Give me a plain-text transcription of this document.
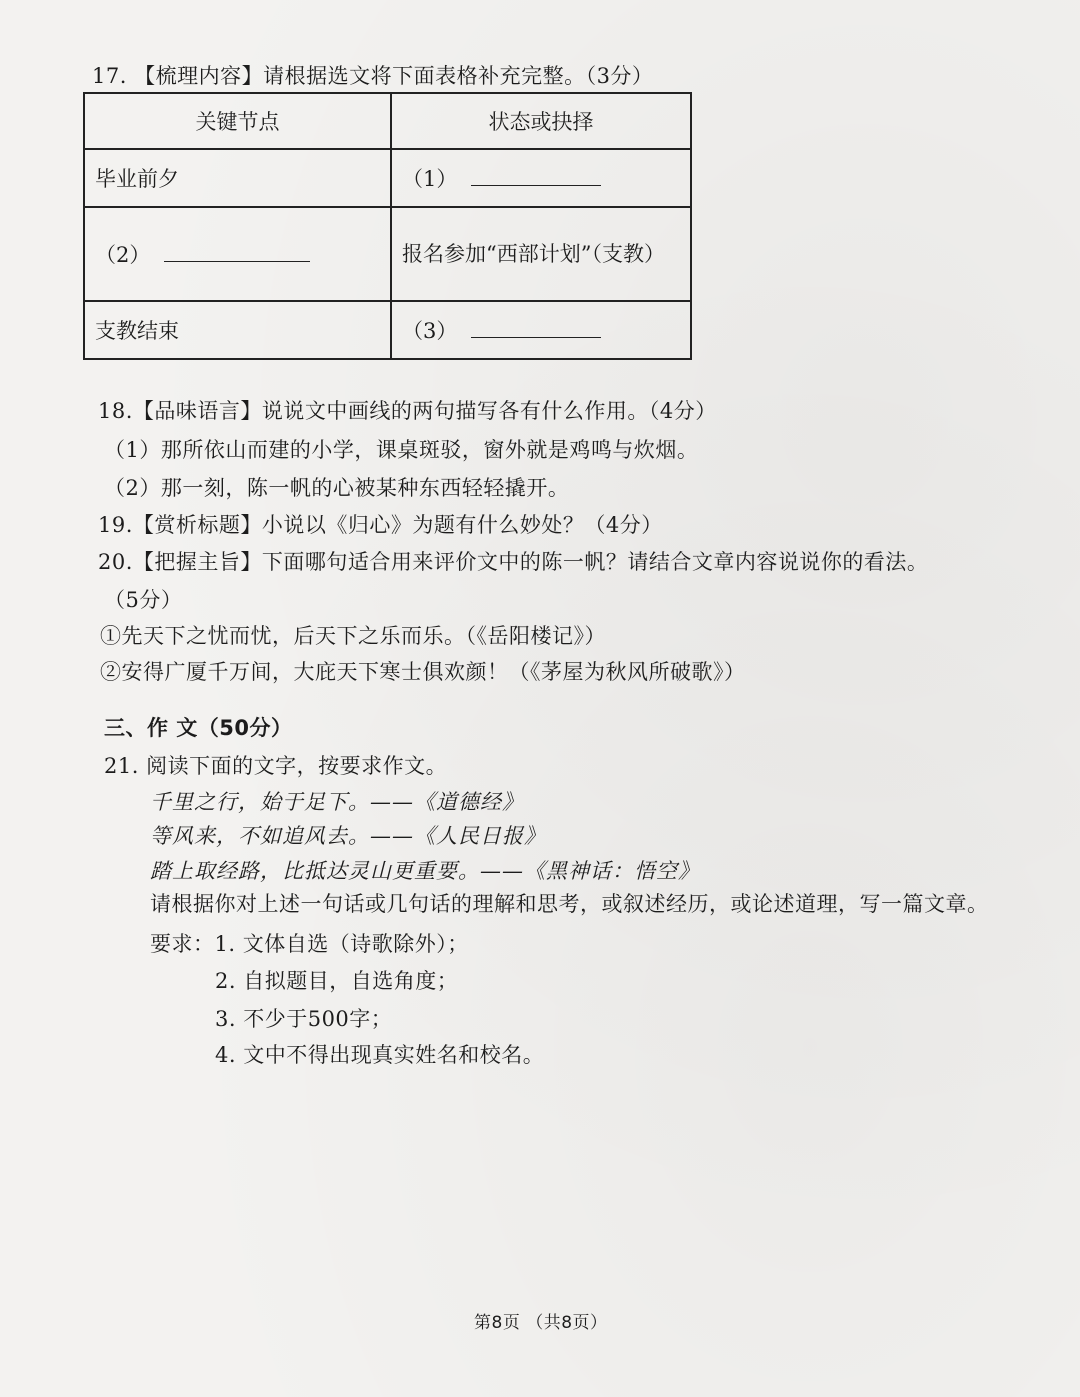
17. 【梳理内容】请根据选文将下面表格补充完整。（3分）
关键节点	状态或抉择
毕业前夕	（1）
（2）	报名参加“西部计划”（支教）
支教结束	（3）
18.【品味语言】说说文中画线的两句描写各有什么作用。（4分）
（1）那所依山而建的小学，课桌斑驳，窗外就是鸡鸣与炊烟。
（2）那一刻，陈一帆的心被某种东西轻轻撬开。
19.【赏析标题】小说以《归心》为题有什么妙处？（4分）
20.【把握主旨】下面哪句适合用来评价文中的陈一帆？请结合文章内容说说你的看法。
（5分）
①先天下之忧而忧，后天下之乐而乐。（《岳阳楼记》）
②安得广厦千万间，大庇天下寒士俱欢颜！（《茅屋为秋风所破歌》）
三、作 文（50分）
21. 阅读下面的文字，按要求作文。
千里之行，始于足下。——《道德经》
等风来，不如追风去。——《人民日报》
踏上取经路，比抵达灵山更重要。——《黑神话：悟空》
请根据你对上述一句话或几句话的理解和思考，或叙述经历，或论述道理，写一篇文章。
要求：1. 文体自选（诗歌除外）；
2. 自拟题目，自选角度；
3. 不少于500字；
4. 文中不得出现真实姓名和校名。
第8页 （共8页）
